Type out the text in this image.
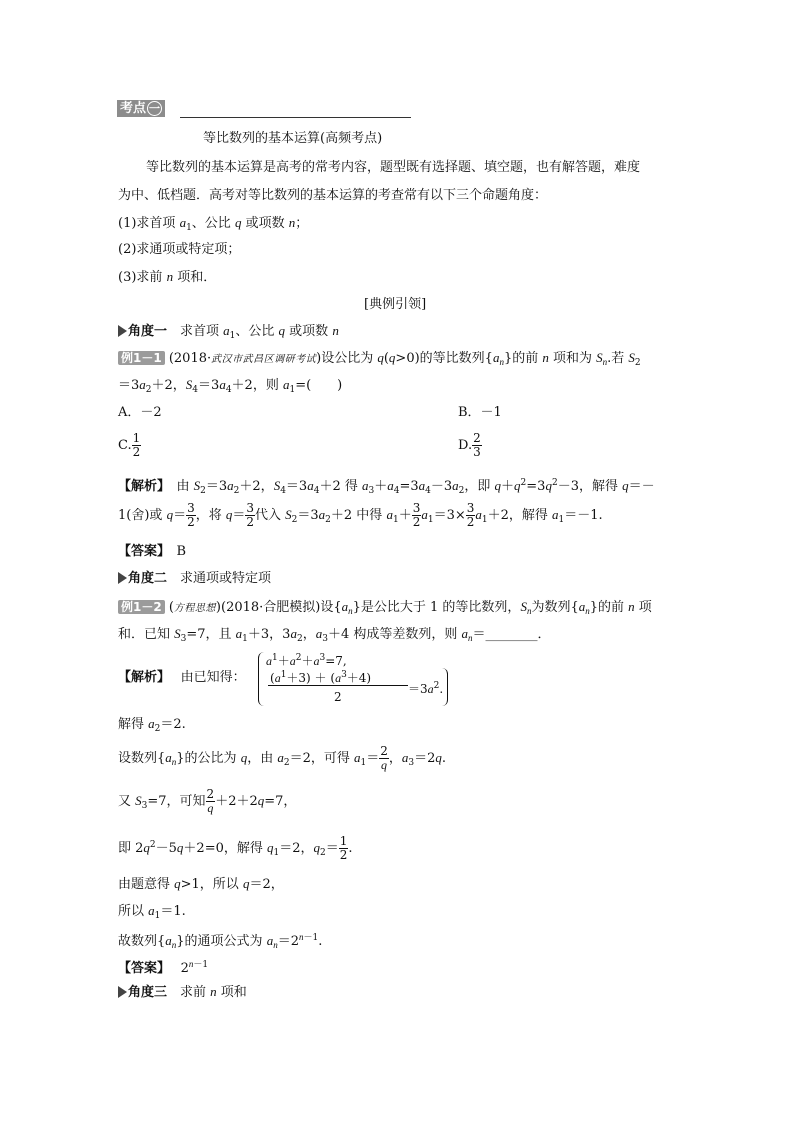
考点 一
等比数列的基本运算(高频考点)
等比数列的基本运算是高考的常考内容，题型既有选择题、填空题，也有解答题，难度
为中、低档题．高考对等比数列的基本运算的考查常有以下三个命题角度：
(1)求首项 $a_1$、公比 q 或项数 n；
(2)求通项或特定项；
(3)求前 n 项和．
[典例引领]
角度一　 求首项 $a_1$、公比 q 或项数 n
例1－1 (2018·武汉市武昌区调研考试)设公比为 q(q>0)的等比数列$\{a_n\}$的前 n 项和为 $S_n$.若 $S_2$
$=3a_2+2$，$S_4=3a_4+2$，则 $a_1=$(　　)
A．－2	B．－1
C. $\frac{1}{2}$	D. $\frac{2}{3}$
【解析】　由 $S_2=3a_2+2$，$S_4=3a_4+2$ 得 $a_3+a_4=3a_4-3a_2$，即 $q+q^2=3q^2-3$，解得 q＝－
1(舍)或 $q= \frac{3}{2}$ ，将 $q= \frac{3}{2}$ 代入 $S_2=3a_2+2$ 中得 $a_1+ \frac{3}{2} a_1=3\times \frac{3}{2} a_1+2$，解得 $a_1=-1$.
【答案】　 B
角度二　 求通项或特定项
例1－2 (方程思想)(2018·合肥模拟)设$\{a_n\}$是公比大于 1 的等比数列，$S_n$为数列$\{a_n\}$的前 n 项
和．已知 $S_3=7$，且 $a_1+3$，$3a_2$，$a_3+4$ 构成等差数列，则 $a_n=\_\_\_\_\_\_\_\_$．
【解析】　 由已知得：
$a^1+a^2+a^3=7$,
$(a^1+3) + (a^3+4)$
$=3a^2$.
2
解得 $a_2=2$.
设数列$\{a_n\}$的公比为 q，由 $a_2=2$，可得 $a_1= \frac{2}{q}$ ，$a_3=2q$.
又 $S_3=7$，可知 $\frac{2}{q} +2+2q=7$，
即 $2q^2-5q+2=0$，解得 $q_1=2$，$q_2= \frac{1}{2}$ .
由题意得 q>1，所以 q＝2，
所以 $a_1=1$.
故数列$\{a_n\}$的通项公式为 $a_n=2^{n-1}$.
【答案】　 $2^{n-1}$
角度三　 求前 n 项和
